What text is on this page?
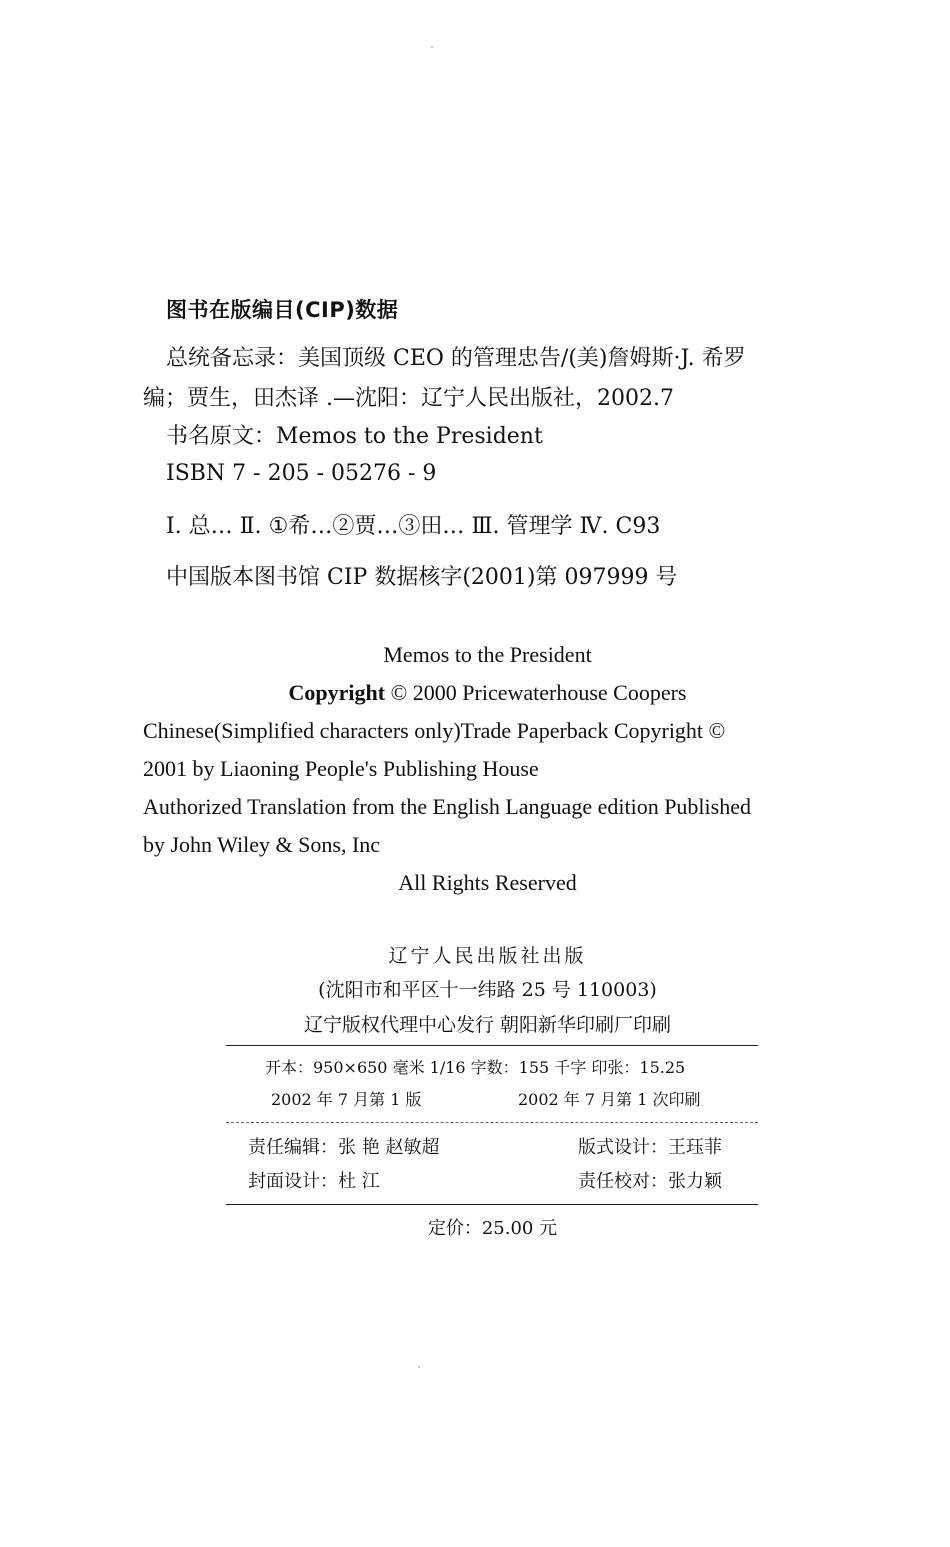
图书在版编目(CIP)数据
总统备忘录：美国顶级 CEO 的管理忠告/(美)詹姆斯·J. 希罗
编；贾生，田杰译 .—沈阳：辽宁人民出版社，2002.7
书名原文：Memos to the President
ISBN 7 - 205 - 05276 - 9
Ⅰ. 总… Ⅱ. ①希…②贾…③田… Ⅲ. 管理学 Ⅳ. C93
中国版本图书馆 CIP 数据核字(2001)第 097999 号
Memos to the President
Copyright © 2000 Pricewaterhouse Coopers
Chinese(Simplified characters only)Trade Paperback Copyright ©
2001 by Liaoning People's Publishing House
Authorized Translation from the English Language edition Published
by John Wiley & Sons, Inc
All Rights Reserved
辽宁人民出版社出版
(沈阳市和平区十一纬路 25 号 110003)
辽宁版权代理中心发行 朝阳新华印刷厂印刷
开本：950×650 毫米 1/16 字数：155 千字 印张：15.25
2002 年 7 月第 1 版	2002 年 7 月第 1 次印刷
责任编辑：张 艳 赵敏超	版式设计：王珏菲
封面设计：杜 江	责任校对：张力颖
定价：25.00 元
